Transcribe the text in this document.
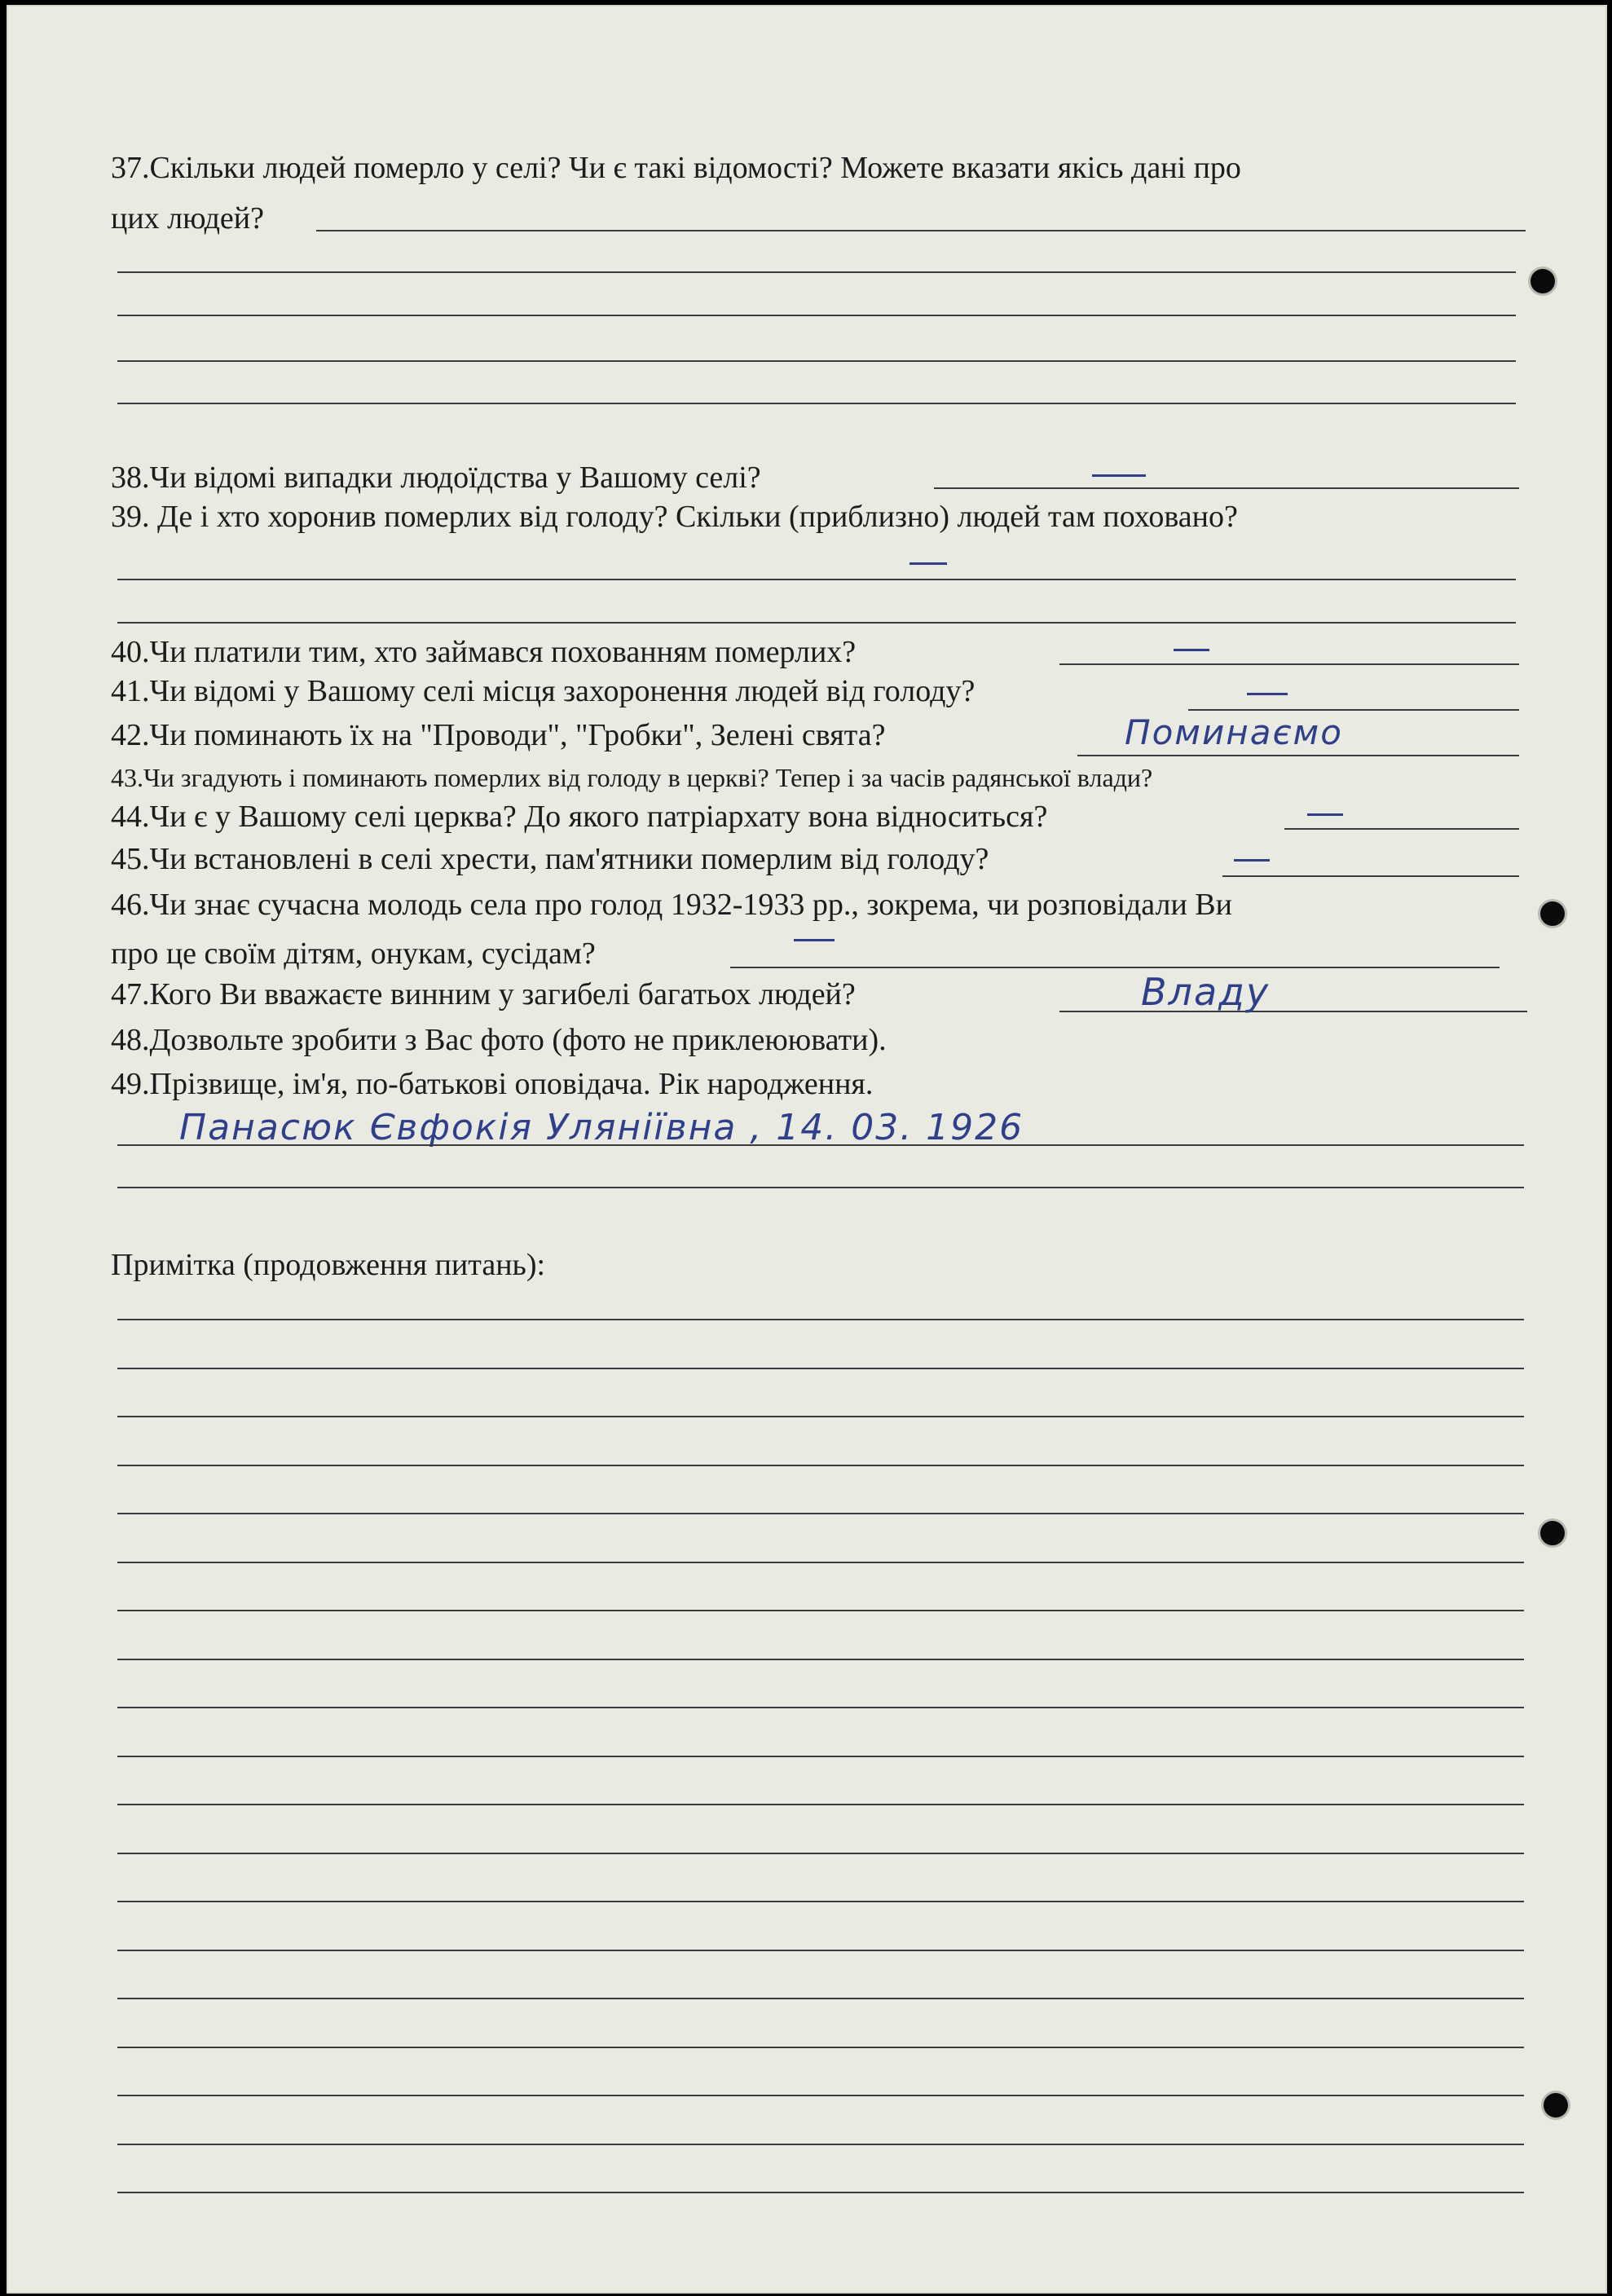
37.Скільки людей померло у селі? Чи є такі відомості? Можете вказати якісь дані про

цих людей?

38.Чи відомі випадки людоїдства у Вашому селі?

39. Де і хто хоронив померлих від голоду? Скільки (приблизно) людей там поховано?

40.Чи платили тим, хто займався похованням померлих?

41.Чи відомі у Вашому селі місця захоронення людей від голоду?

42.Чи поминають їх на "Проводи", "Гробки", Зелені свята?	Поминаємо

43.Чи згадують і поминають померлих від голоду в церкві? Тепер і за часів радянської влади?

44.Чи є у Вашому селі церква? До якого патріархату вона відноситься?

45.Чи встановлені в селі хрести, пам'ятники померлим від голоду?

46.Чи знає сучасна молодь села про голод 1932-1933 рр., зокрема, чи розповідали Ви

про це своїм дітям, онукам, сусідам?

47.Кого Ви вважаєте винним у загибелі багатьох людей?	Владу

48.Дозвольте зробити з Вас фото (фото не приклеюювати).

49.Прізвище, ім'я, по-батькові оповідача. Рік народження.

Панасюк Євфокія Уляніївна , 14. 03. 1926

Примітка (продовження питань):
